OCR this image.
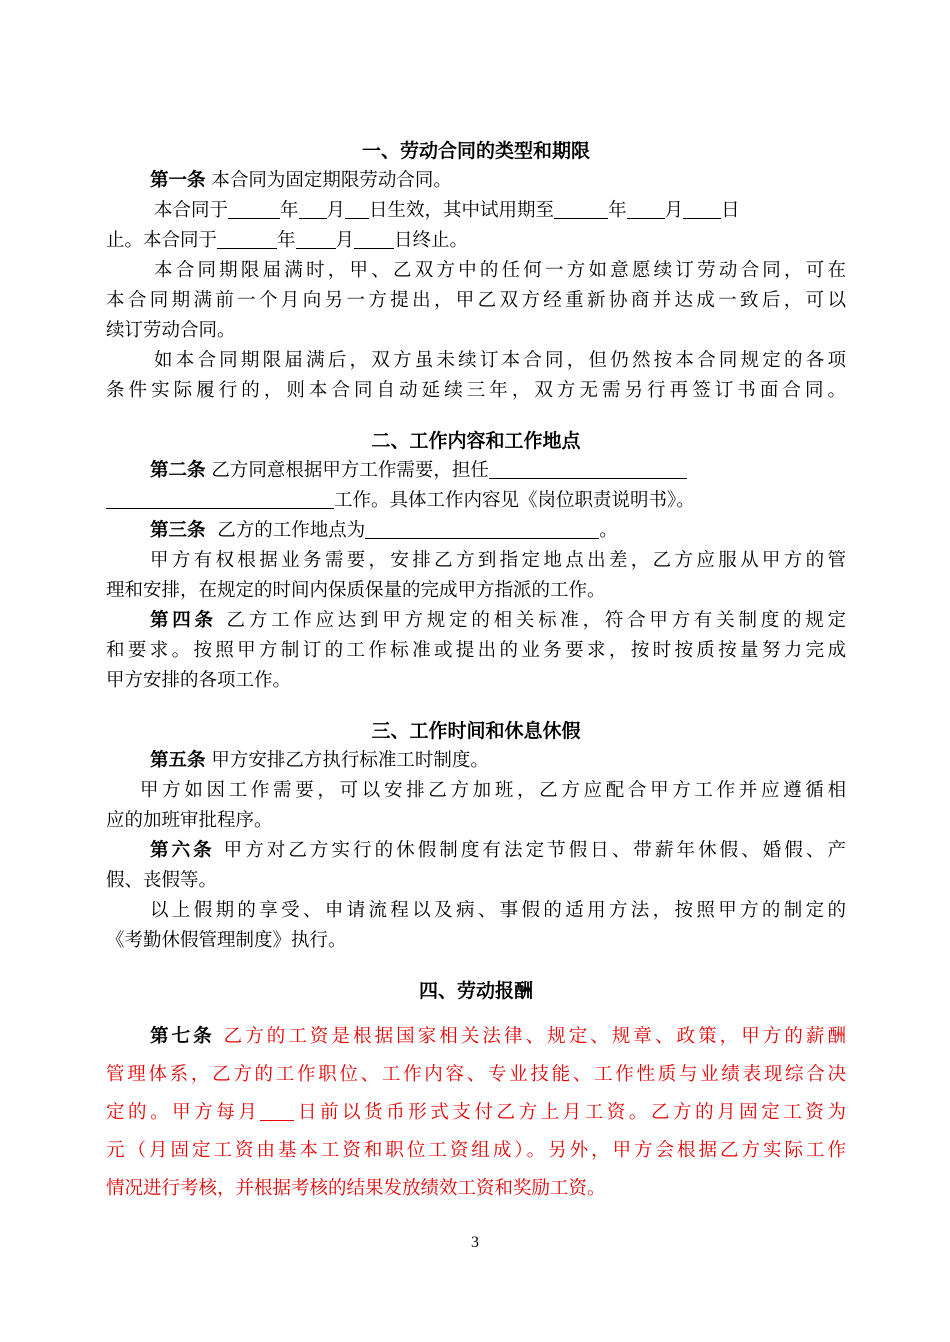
一、劳动合同的类型和期限
第一条 本合同为固定期限劳动合同。
本合同于	年 月 日生效，其中试用期至	年 月 日
止。本合同于	年 月 日终止。
本合同期限届满时，甲、乙双方中的任何一方如意愿续订劳动合同，可在
本合同期满前一个月向另一方提出，甲乙双方经重新协商并达成一致后，可以
续订劳动合同。
如本合同期限届满后，双方虽未续订本合同，但仍然按本合同规定的各项
条件实际履行的，则本合同自动延续三年，双方无需另行再签订书面合同。
二、工作内容和工作地点
第二条 乙方同意根据甲方工作需要，担任
工作。具体工作内容见《岗位职责说明书》。
第三条 乙方的工作地点为	。
甲方有权根据业务需要，安排乙方到指定地点出差，乙方应服从甲方的管
理和安排，在规定的时间内保质保量的完成甲方指派的工作。
第四条 乙方工作应达到甲方规定的相关标准，符合甲方有关制度的规定
和要求。按照甲方制订的工作标准或提出的业务要求，按时按质按量努力完成
甲方安排的各项工作。
三、工作时间和休息休假
第五条 甲方安排乙方执行标准工时制度。
甲方如因工作需要，可以安排乙方加班，乙方应配合甲方工作并应遵循相
应的加班审批程序。
第六条 甲方对乙方实行的休假制度有法定节假日、带薪年休假、婚假、产
假、丧假等。
以上假期的享受、申请流程以及病、事假的适用方法，按照甲方的制定的
《考勤休假管理制度》执行。
四、劳动报酬
第七条 乙方的工资是根据国家相关法律、规定、规章、政策，甲方的薪酬
管理体系，乙方的工作职位、工作内容、专业技能、工作性质与业绩表现综合决
定的。甲方每月 日前以货币形式支付乙方上月工资。乙方的月固定工资为
元（月固定工资由基本工资和职位工资组成）。另外，甲方会根据乙方实际工作
情况进行考核，并根据考核的结果发放绩效工资和奖励工资。
3
